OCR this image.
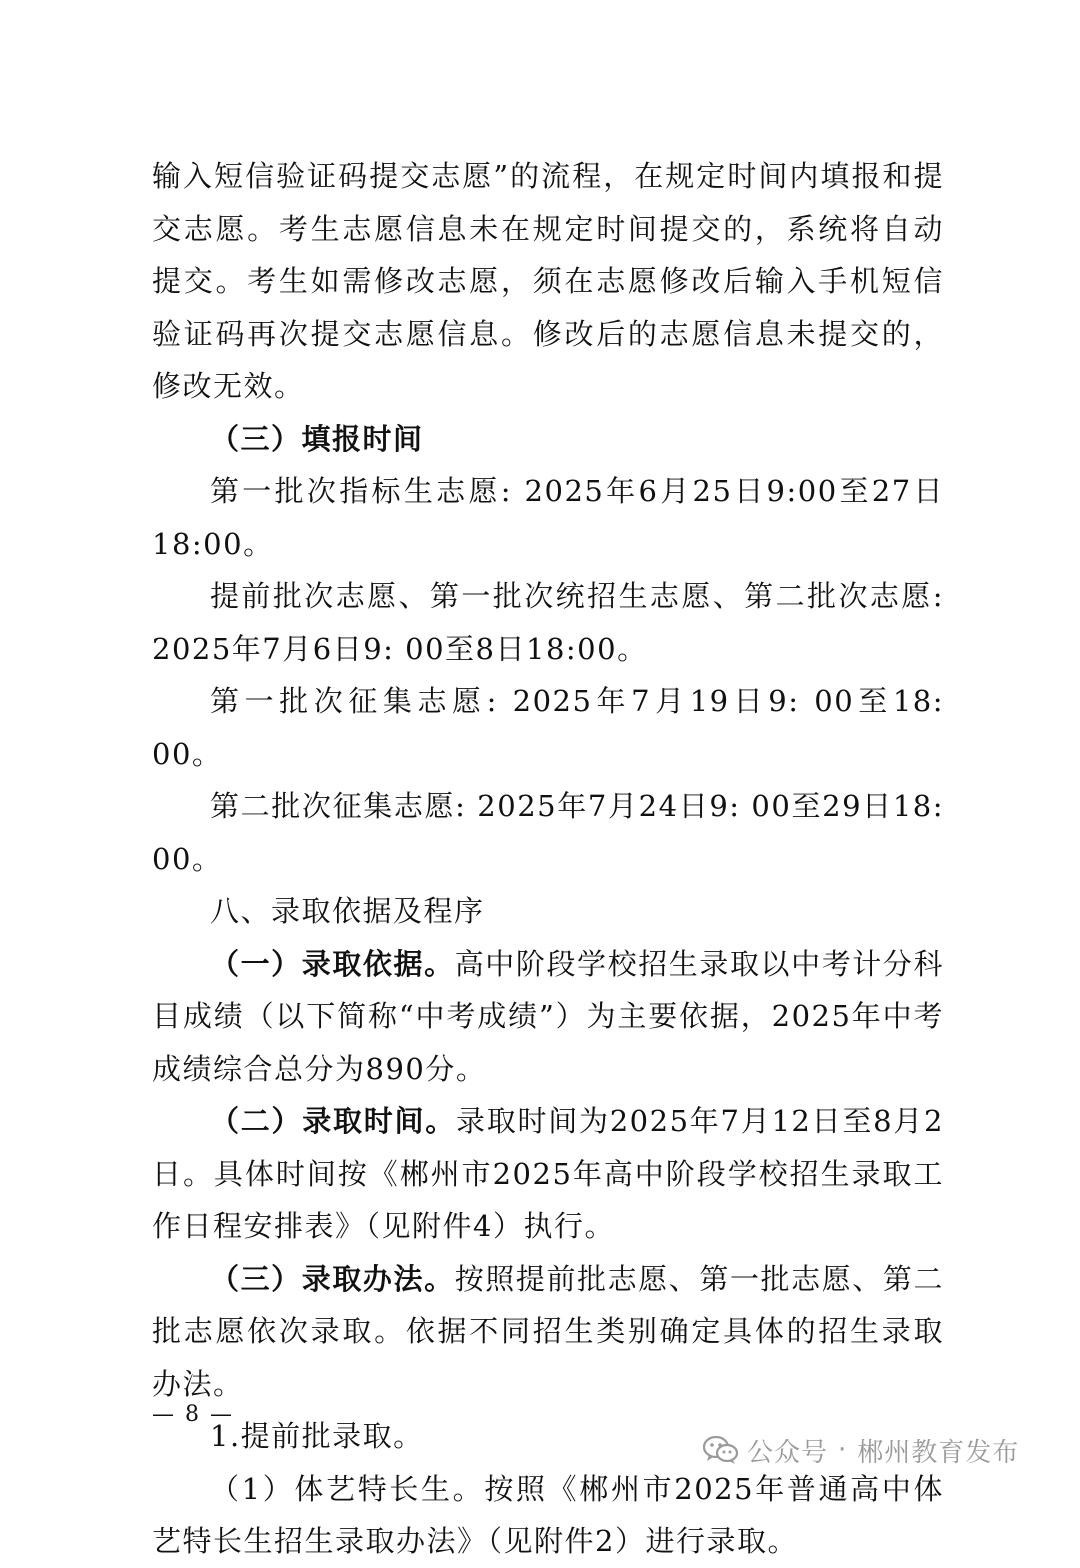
输入短信验证码提交志愿”的流程，在规定时间内填报和提交志愿。考生志愿信息未在规定时间提交的，系统将自动提交。考生如需修改志愿，须在志愿修改后输入手机短信验证码再次提交志愿信息。修改后的志愿信息未提交的，修改无效。

（三）填报时间

第一批次指标生志愿: 2025年6月25日9:00至27日18:00。

提前批次志愿、第一批次统招生志愿、第二批次志愿: 2025年7月6日9: 00至8日18:00。

第一批次征集志愿: 2025年7月19日9: 00至18: 00。

第二批次征集志愿: 2025年7月24日9: 00至29日18: 00。

八、录取依据及程序

（一）录取依据。高中阶段学校招生录取以中考计分科目成绩（以下简称“中考成绩”）为主要依据，2025年中考成绩综合总分为890分。

（二）录取时间。录取时间为2025年7月12日至8月2日。具体时间按《郴州市2025年高中阶段学校招生录取工作日程安排表》（见附件4）执行。

（三）录取办法。按照提前批志愿、第一批志愿、第二批志愿依次录取。依据不同招生类别确定具体的招生录取办法。

1.提前批录取。

（1）体艺特长生。按照《郴州市2025年普通高中体艺特长生招生录取办法》（见附件2）进行录取。

— 8 —
公众号 · 郴州教育发布
